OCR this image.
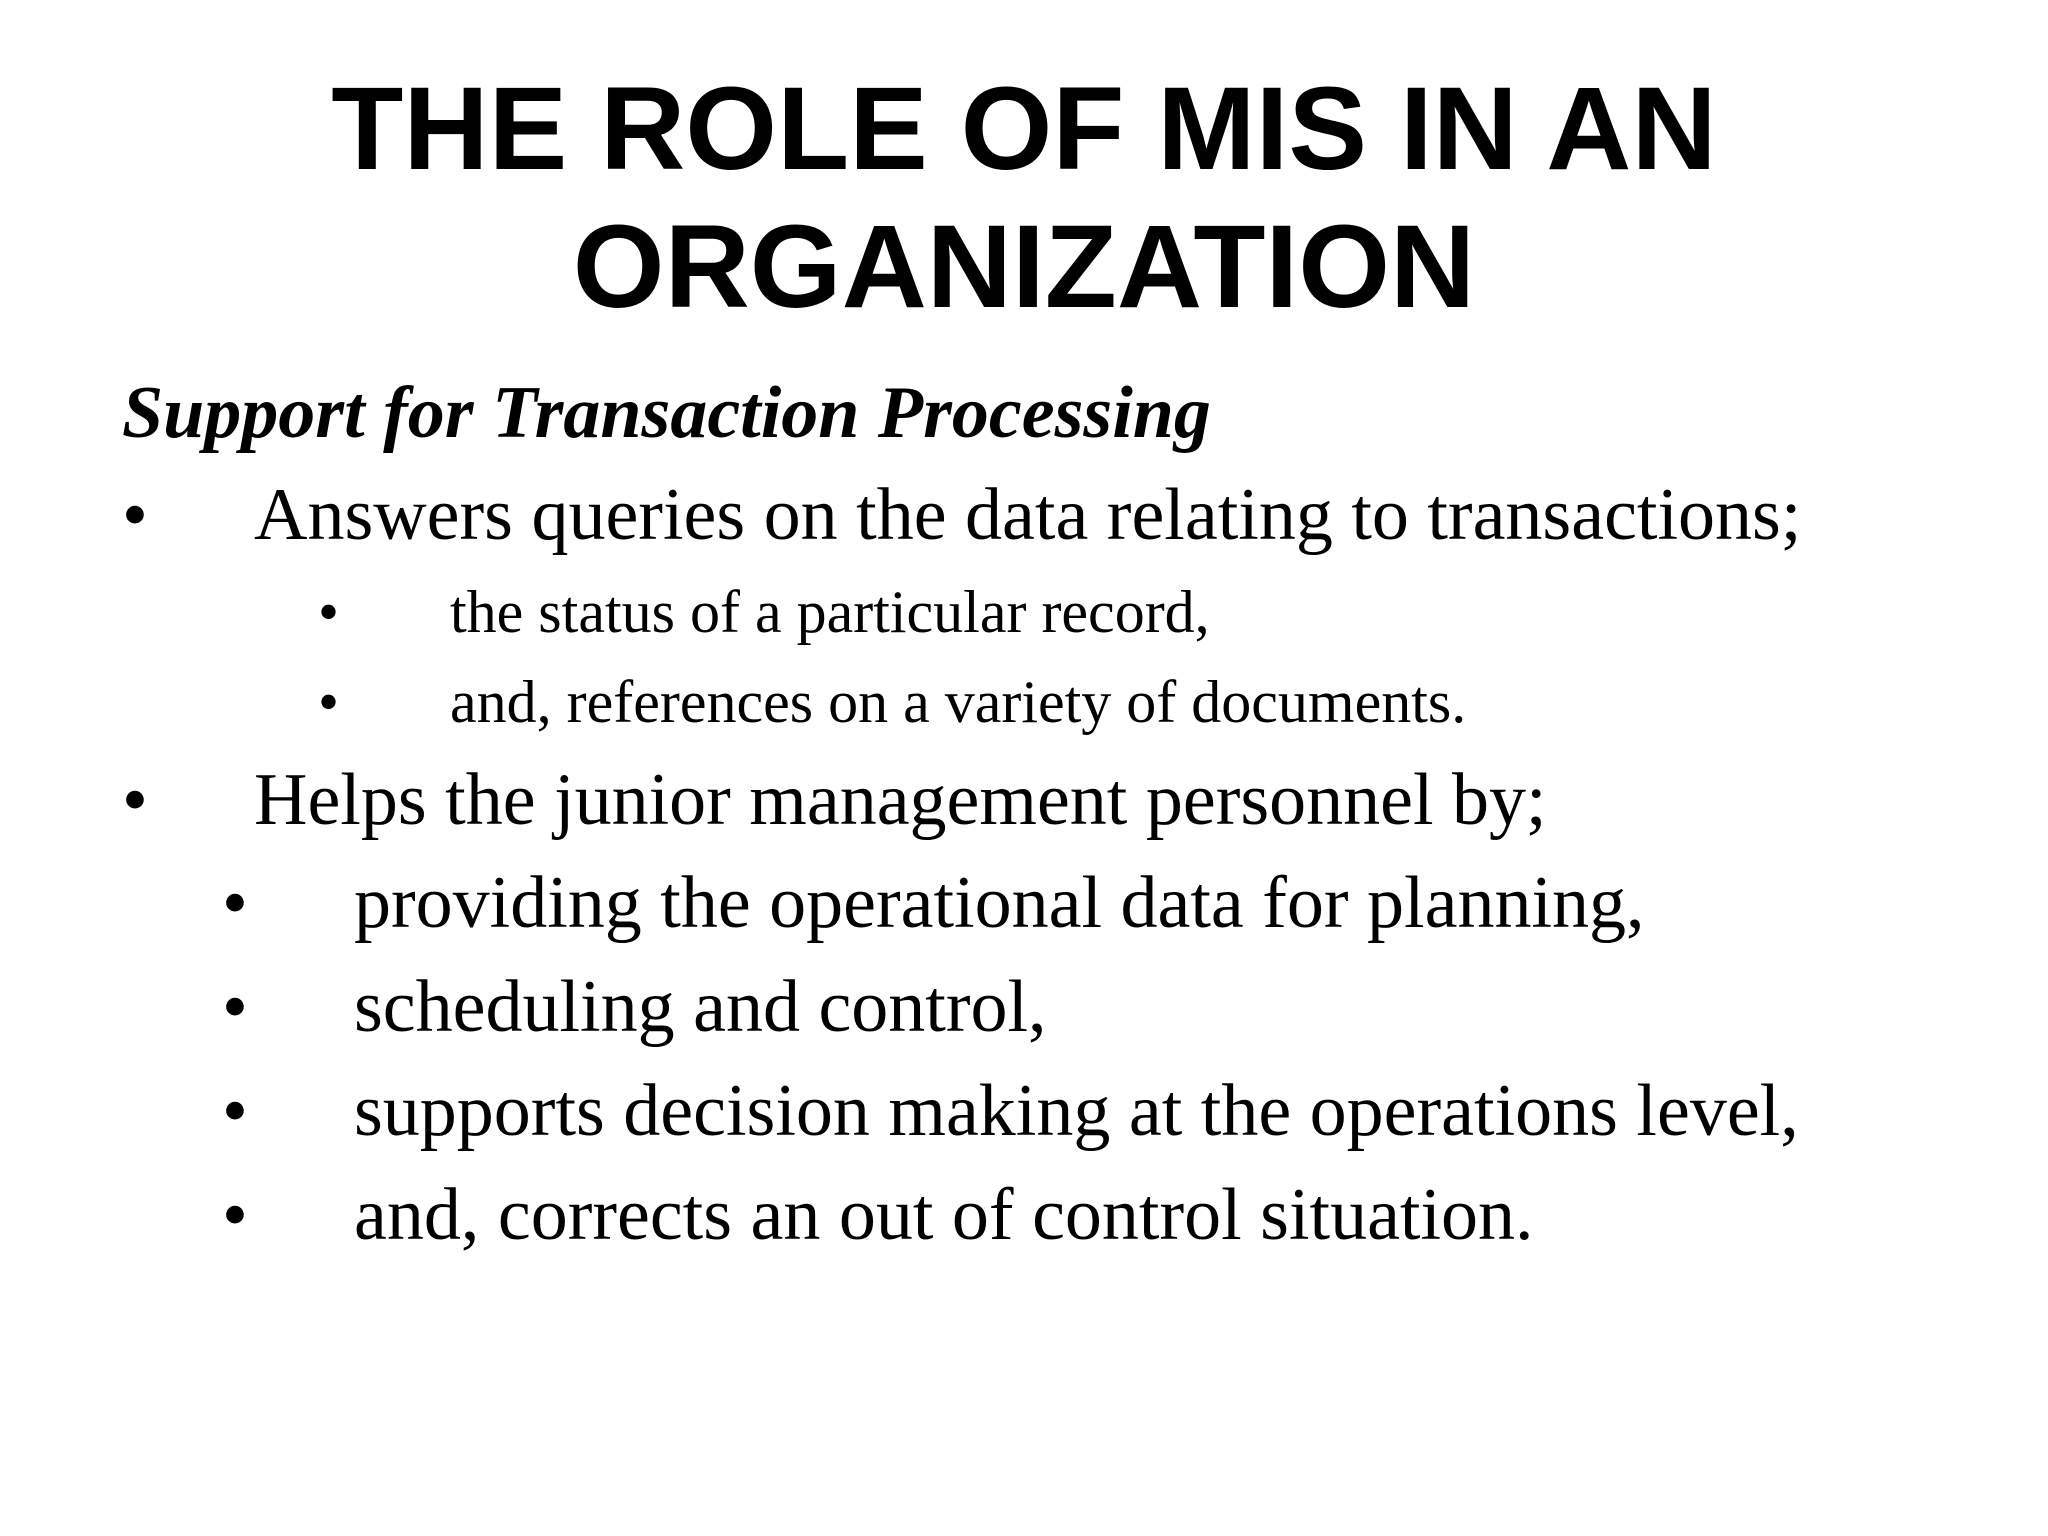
THE ROLE OF MIS IN AN
ORGANIZATION
Support for Transaction Processing
• Answers queries on the data relating to transactions;
• the status of a particular record,
• and, references on a variety of documents.
• Helps the junior management personnel by;
• providing the operational data for planning,
• scheduling and control,
• supports decision making at the operations level,
• and, corrects an out of control situation.
